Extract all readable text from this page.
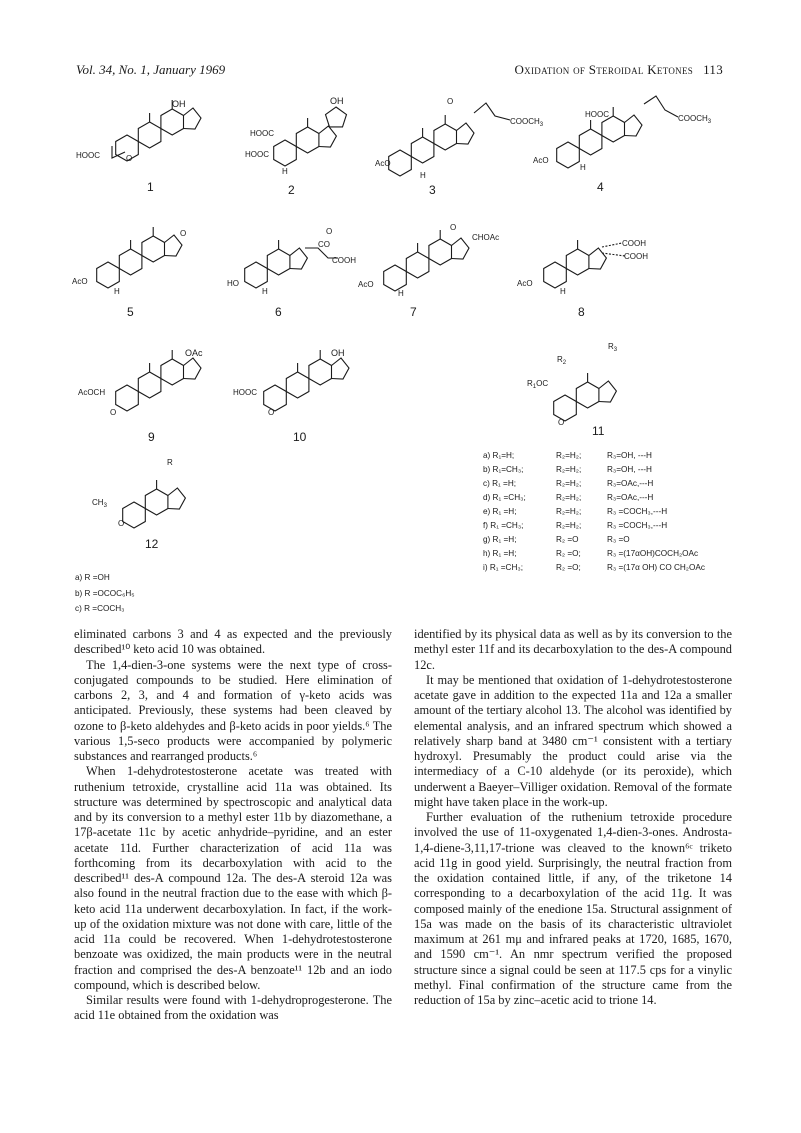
Vol. 34, No. 1, January 1969	Oxidation of Steroidal Ketones 113
OH
HOOC	O
1
OH
HOOC
HOOC
H
2
O
$COOCH_3$
AcO
H
3
HOOC	$COOCH_3$
AcO
H
4
O
AcO
H
5
O
CO
COOH
HO
H
6
O
CHOAc
AcO
H
7
COOH
COOH
AcO
H
8
OAc
AcOCH
O
9
OH
HOOC
O
10
$R_2$
$R_3$
$R_1OC$
O
11
R
$CH_3$
O
12
a) R₁=H;	R₂=H₂;	R₃=OH, ---H
b) R₁=CH₃;	R₂=H₂;	R₃=OH, ---H
c) R₁ =H;	R₂=H₂;	R₃=OAc,---H
d) R₁ =CH₃;	R₂=H₂;	R₃=OAc,---H
e) R₁ =H;	R₂=H₂;	R₃ =COCH₃,---H
f) R₁ =CH₃;	R₂=H₂;	R₃ =COCH₃,---H
g) R₁ =H;	R₂ =O	R₃ =O
h) R₁ =H;	R₂ =O;	R₃ =(17αOH)COCH₂OAc
i) R₁ =CH₃;	R₂ =O;	R₃ =(17α OH) CO CH₂OAc
a) R =OH
b) R =OCOC₆H₅
c) R =COCH₃

eliminated carbons 3 and 4 as expected and the previously described¹⁰ keto acid 10 was obtained.

The 1,4-dien-3-one systems were the next type of cross-conjugated compounds to be studied. Here elimination of carbons 2, 3, and 4 and formation of γ-keto acids was anticipated. Previously, these systems had been cleaved by ozone to β-keto aldehydes and β-keto acids in poor yields.⁶ The various 1,5-seco products were accompanied by polymeric substances and rearranged products.⁶

When 1-dehydrotestosterone acetate was treated with ruthenium tetroxide, crystalline acid 11a was obtained. Its structure was determined by spectroscopic and analytical data and by its conversion to a methyl ester 11b by diazomethane, a 17β-acetate 11c by acetic anhydride–pyridine, and an ester acetate 11d. Further characterization of acid 11a was forthcoming from its decarboxylation with acid to the described¹¹ des-A compound 12a. The des-A steroid 12a was also found in the neutral fraction due to the ease with which β-keto acid 11a underwent decarboxylation. In fact, if the work-up of the oxidation mixture was not done with care, little of the acid 11a could be recovered. When 1-dehydrotestosterone benzoate was oxidized, the main products were in the neutral fraction and comprised the des-A benzoate¹¹ 12b and an iodo compound, which is described below.

Similar results were found with 1-dehydroprogesterone. The acid 11e obtained from the oxidation was

identified by its physical data as well as by its conversion to the methyl ester 11f and its decarboxylation to the des-A compound 12c.

It may be mentioned that oxidation of 1-dehydrotestosterone acetate gave in addition to the expected 11a and 12a a smaller amount of the tertiary alcohol 13. The alcohol was identified by elemental analysis, and an infrared spectrum which showed a relatively sharp band at 3480 cm⁻¹ consistent with a tertiary hydroxyl. Presumably the product could arise via the intermediacy of a C-10 aldehyde (or its peroxide), which underwent a Baeyer–Villiger oxidation. Removal of the formate might have taken place in the work-up.

Further evaluation of the ruthenium tetroxide procedure involved the use of 11-oxygenated 1,4-dien-3-ones. Androsta-1,4-diene-3,11,17-trione was cleaved to the known⁶ᶜ triketo acid 11g in good yield. Surprisingly, the neutral fraction from the oxidation contained little, if any, of the triketone 14 corresponding to a decarboxylation of the acid 11g. It was composed mainly of the enedione 15a. Structural assignment of 15a was made on the basis of its characteristic ultraviolet maximum at 261 mμ and infrared peaks at 1720, 1685, 1670, and 1590 cm⁻¹. An nmr spectrum verified the proposed structure since a signal could be seen at 117.5 cps for a vinylic methyl. Final confirmation of the structure came from the reduction of 15a by zinc–acetic acid to trione 14.
